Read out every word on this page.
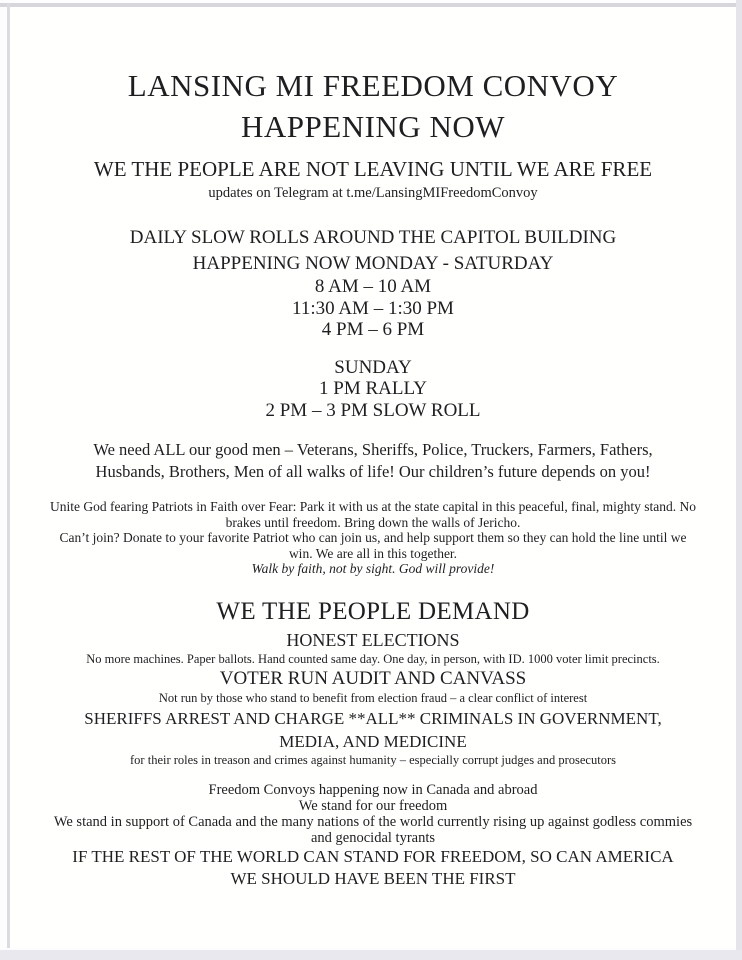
LANSING MI FREEDOM CONVOY
HAPPENING NOW
WE THE PEOPLE ARE NOT LEAVING UNTIL WE ARE FREE
updates on Telegram at t.me/LansingMIFreedomConvoy
DAILY SLOW ROLLS AROUND THE CAPITOL BUILDING
HAPPENING NOW MONDAY - SATURDAY
8 AM – 10 AM
11:30 AM – 1:30 PM
4 PM – 6 PM
SUNDAY
1 PM RALLY
2 PM – 3 PM SLOW ROLL

We need ALL our good men – Veterans, Sheriffs, Police, Truckers, Farmers, Fathers, Husbands, Brothers, Men of all walks of life! Our children’s future depends on you!

Unite God fearing Patriots in Faith over Fear: Park it with us at the state capital in this peaceful, final, mighty stand. No brakes until freedom. Bring down the walls of Jericho.
Can’t join? Donate to your favorite Patriot who can join us, and help support them so they can hold the line until we win. We are all in this together.
Walk by faith, not by sight. God will provide!
WE THE PEOPLE DEMAND
HONEST ELECTIONS
No more machines. Paper ballots. Hand counted same day. One day, in person, with ID. 1000 voter limit precincts.
VOTER RUN AUDIT AND CANVASS
Not run by those who stand to benefit from election fraud – a clear conflict of interest
SHERIFFS ARREST AND CHARGE **ALL** CRIMINALS IN GOVERNMENT, MEDIA, AND MEDICINE
for their roles in treason and crimes against humanity – especially corrupt judges and prosecutors
Freedom Convoys happening now in Canada and abroad
We stand for our freedom
We stand in support of Canada and the many nations of the world currently rising up against godless commies and genocidal tyrants
IF THE REST OF THE WORLD CAN STAND FOR FREEDOM, SO CAN AMERICA
WE SHOULD HAVE BEEN THE FIRST
